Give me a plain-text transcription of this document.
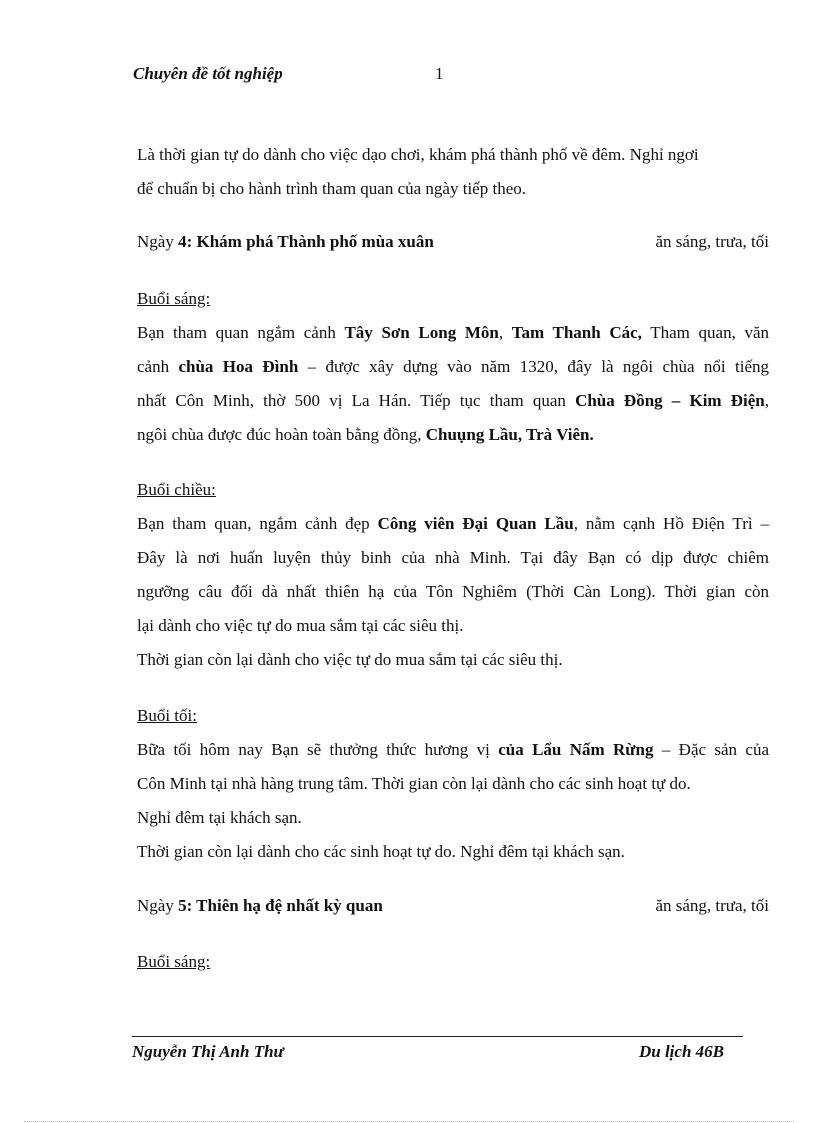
Chuyên đề tốt nghiệp	1
Là thời gian tự do dành cho việc dạo chơi, khám phá thành phố về đêm. Nghỉ ngơi
để chuẩn bị cho hành trình tham quan của ngày tiếp theo.
Ngày 4: Khám phá Thành phố mùa xuân	ăn sáng, trưa, tối
Buổi sáng:
Bạn tham quan ngắm cảnh Tây Sơn Long Môn, Tam Thanh Các, Tham quan, văn
cảnh chùa Hoa Đình – được xây dựng vào năm 1320, đây là ngôi chùa nổi tiếng
nhất Côn Minh, thờ 500 vị La Hán. Tiếp tục tham quan Chùa Đồng – Kim Điện,
ngôi chùa được đúc hoàn toàn bằng đồng, Chuụng Lầu, Trà Viên.
Buổi chiều:
Bạn tham quan, ngắm cảnh đẹp Công viên Đại Quan Lầu, nằm cạnh Hồ Điện Trì –
Đây là nơi huấn luyện thủy binh của nhà Minh. Tại đây Bạn có dịp được chiêm
ngưỡng câu đối dà nhất thiên hạ của Tôn Nghiêm (Thời Càn Long). Thời gian còn
lại dành cho việc tự do mua sắm tại các siêu thị.
Thời gian còn lại dành cho việc tự do mua sắm tại các siêu thị.
Buổi tối:
Bữa tối hôm nay Bạn sẽ thưởng thức hương vị của Lẩu Nấm Rừng – Đặc sản của
Côn Minh tại nhà hàng trung tâm. Thời gian còn lại dành cho các sinh hoạt tự do.
Nghỉ đêm tại khách sạn.
Thời gian còn lại dành cho các sinh hoạt tự do. Nghỉ đêm tại khách sạn.
Ngày 5: Thiên hạ đệ nhất kỳ quan	ăn sáng, trưa, tối
Buổi sáng:
Nguyễn Thị Anh Thư	Du lịch 46B
